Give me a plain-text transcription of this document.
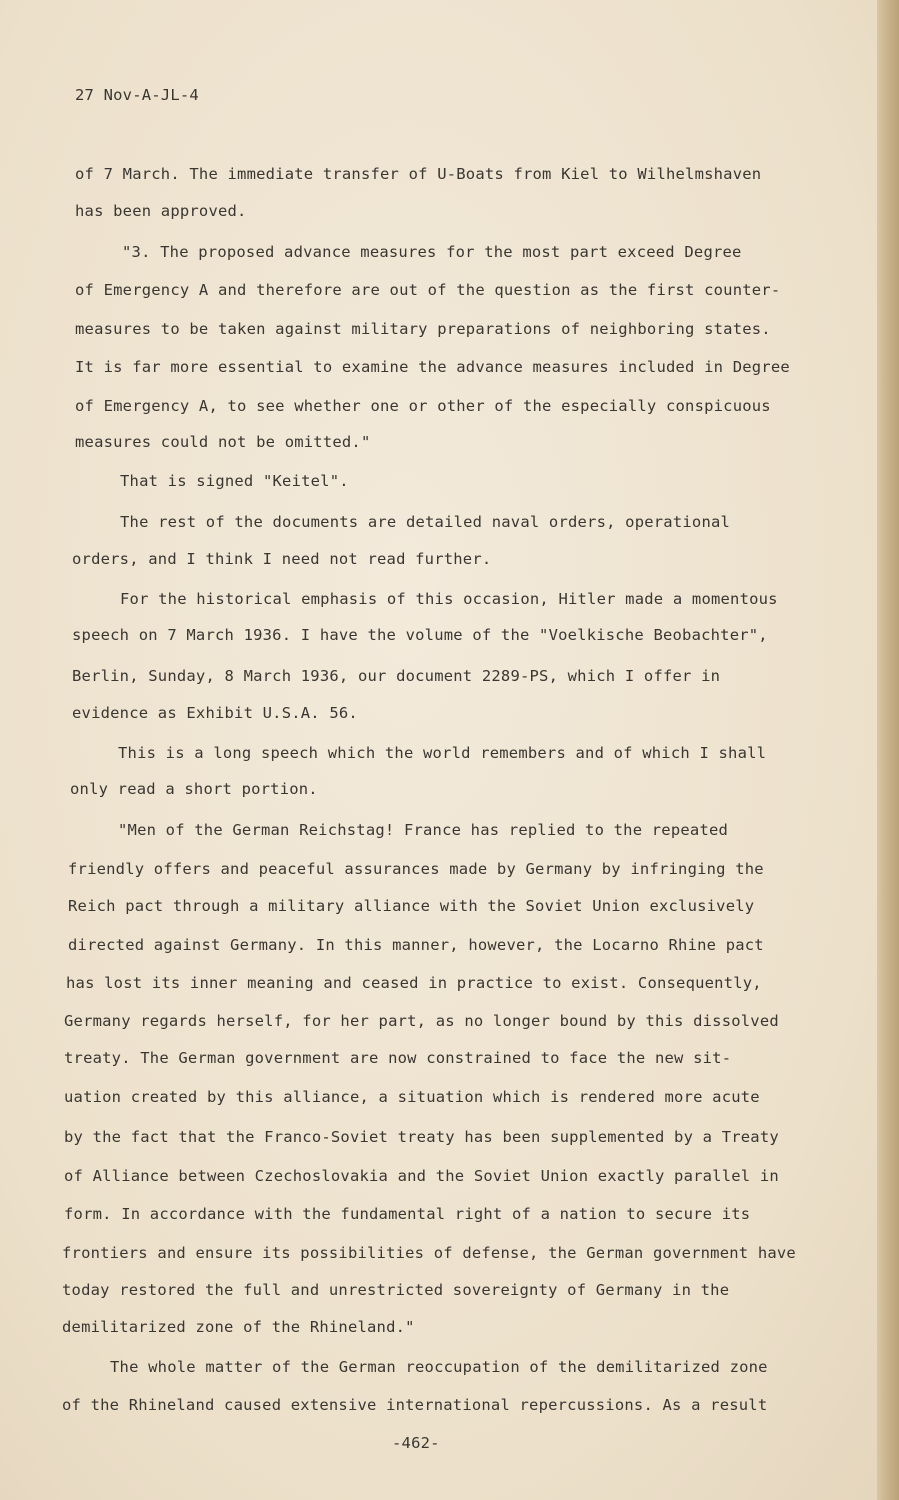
27 Nov-A-JL-4
of 7 March. The immediate transfer of U-Boats from Kiel to Wilhelmshaven
has been approved.
"3. The proposed advance measures for the most part exceed Degree
of Emergency A and therefore are out of the question as the first counter-
measures to be taken against military preparations of neighboring states.
It is far more essential to examine the advance measures included in Degree
of Emergency A, to see whether one or other of the especially conspicuous
measures could not be omitted."
That is signed "Keitel".
The rest of the documents are detailed naval orders, operational
orders, and I think I need not read further.
For the historical emphasis of this occasion, Hitler made a momentous
speech on 7 March 1936. I have the volume of the "Voelkische Beobachter",
Berlin, Sunday, 8 March 1936, our document 2289-PS, which I offer in
evidence as Exhibit U.S.A. 56.
This is a long speech which the world remembers and of which I shall
only read a short portion.
"Men of the German Reichstag! France has replied to the repeated
friendly offers and peaceful assurances made by Germany by infringing the
Reich pact through a military alliance with the Soviet Union exclusively
directed against Germany. In this manner, however, the Locarno Rhine pact
has lost its inner meaning and ceased in practice to exist. Consequently,
Germany regards herself, for her part, as no longer bound by this dissolved
treaty. The German government are now constrained to face the new sit-
uation created by this alliance, a situation which is rendered more acute
by the fact that the Franco-Soviet treaty has been supplemented by a Treaty
of Alliance between Czechoslovakia and the Soviet Union exactly parallel in
form. In accordance with the fundamental right of a nation to secure its
frontiers and ensure its possibilities of defense, the German government have
today restored the full and unrestricted sovereignty of Germany in the
demilitarized zone of the Rhineland."
The whole matter of the German reoccupation of the demilitarized zone
of the Rhineland caused extensive international repercussions. As a result
-462-
